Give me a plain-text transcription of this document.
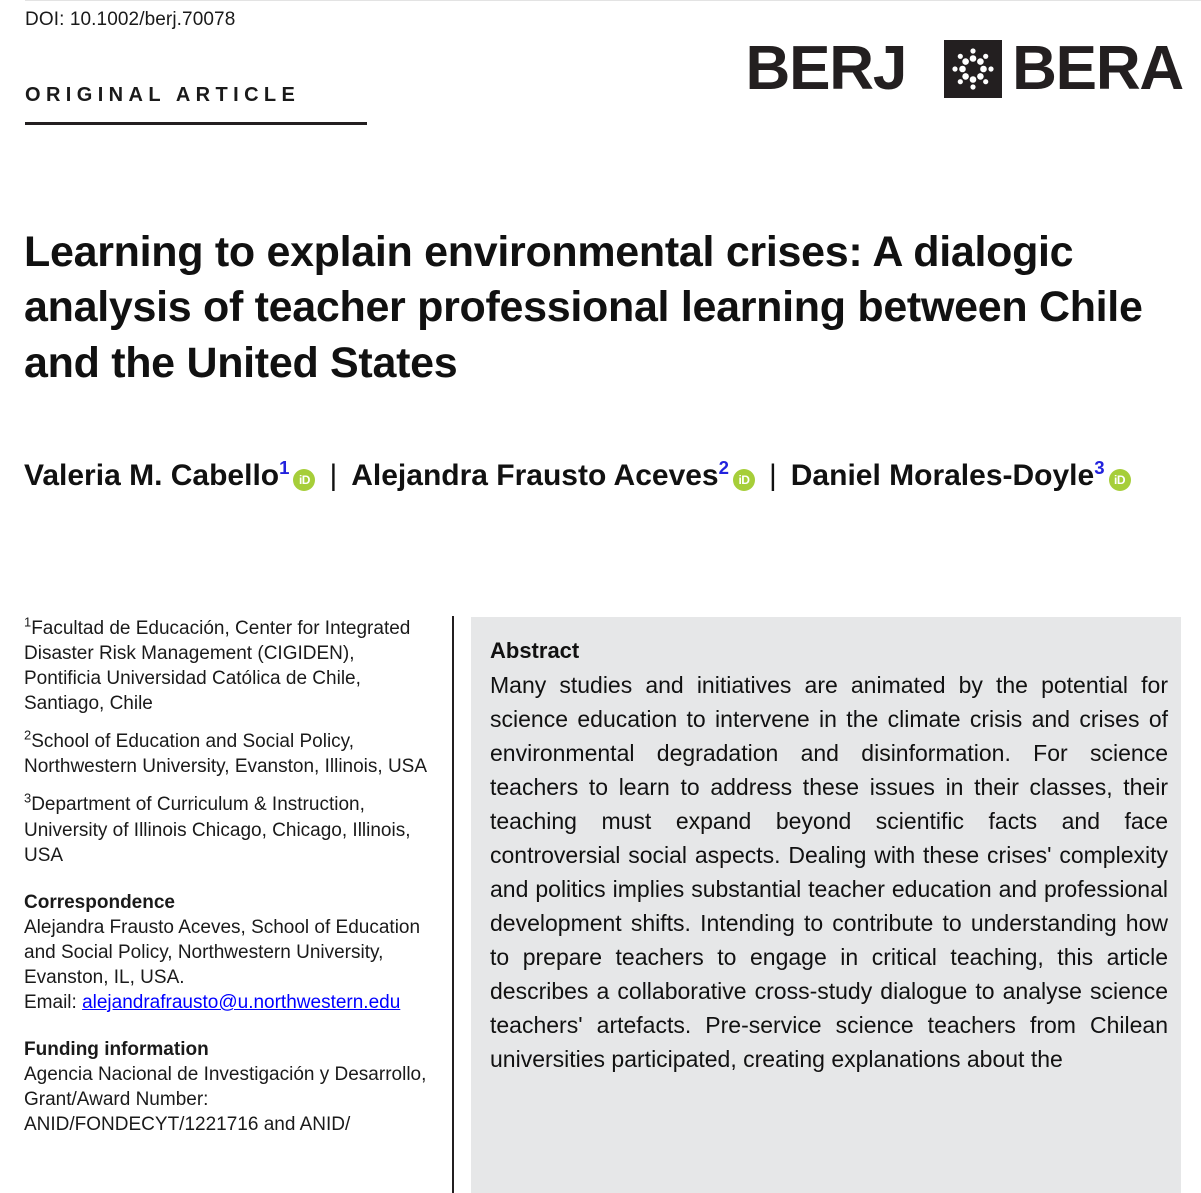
DOI: 10.1002/berj.70078
ORIGINAL ARTICLE	BERJ BERA
Learning to explain environmental crises: A dialogic analysis of teacher professional learning between Chile and the United States
Valeria M. Cabello$^1$iD | Alejandra Frausto Aceves$^2$iD | Daniel Morales-Doyle$^3$iD
$^1$Facultad de Educación, Center for Integrated Disaster Risk Management (CIGIDEN), Pontificia Universidad Católica de Chile, Santiago, Chile
$^2$School of Education and Social Policy, Northwestern University, Evanston, Illinois, USA
$^3$Department of Curriculum & Instruction, University of Illinois Chicago, Chicago, Illinois, USA
Correspondence
Alejandra Frausto Aceves, School of Education and Social Policy, Northwestern University, Evanston, IL, USA.
Email: alejandrafrausto@u.northwestern.edu
Funding information
Agencia Nacional de Investigación y Desarrollo, Grant/Award Number: ANID/FONDECYT/1221716 and ANID/
Abstract

Many studies and initiatives are animated by the potential for science education to intervene in the climate crisis and crises of environmental degradation and disinformation. For science teachers to learn to address these issues in their classes, their teaching must expand beyond scientific facts and face controversial social aspects. Dealing with these crises' complexity and politics implies substantial teacher education and professional development shifts. Intending to contribute to understanding how to prepare teachers to engage in critical teaching, this article describes a collaborative cross-study dialogue to analyse science teachers' artefacts. Pre-service science teachers from Chilean universities participated, creating explanations about the
